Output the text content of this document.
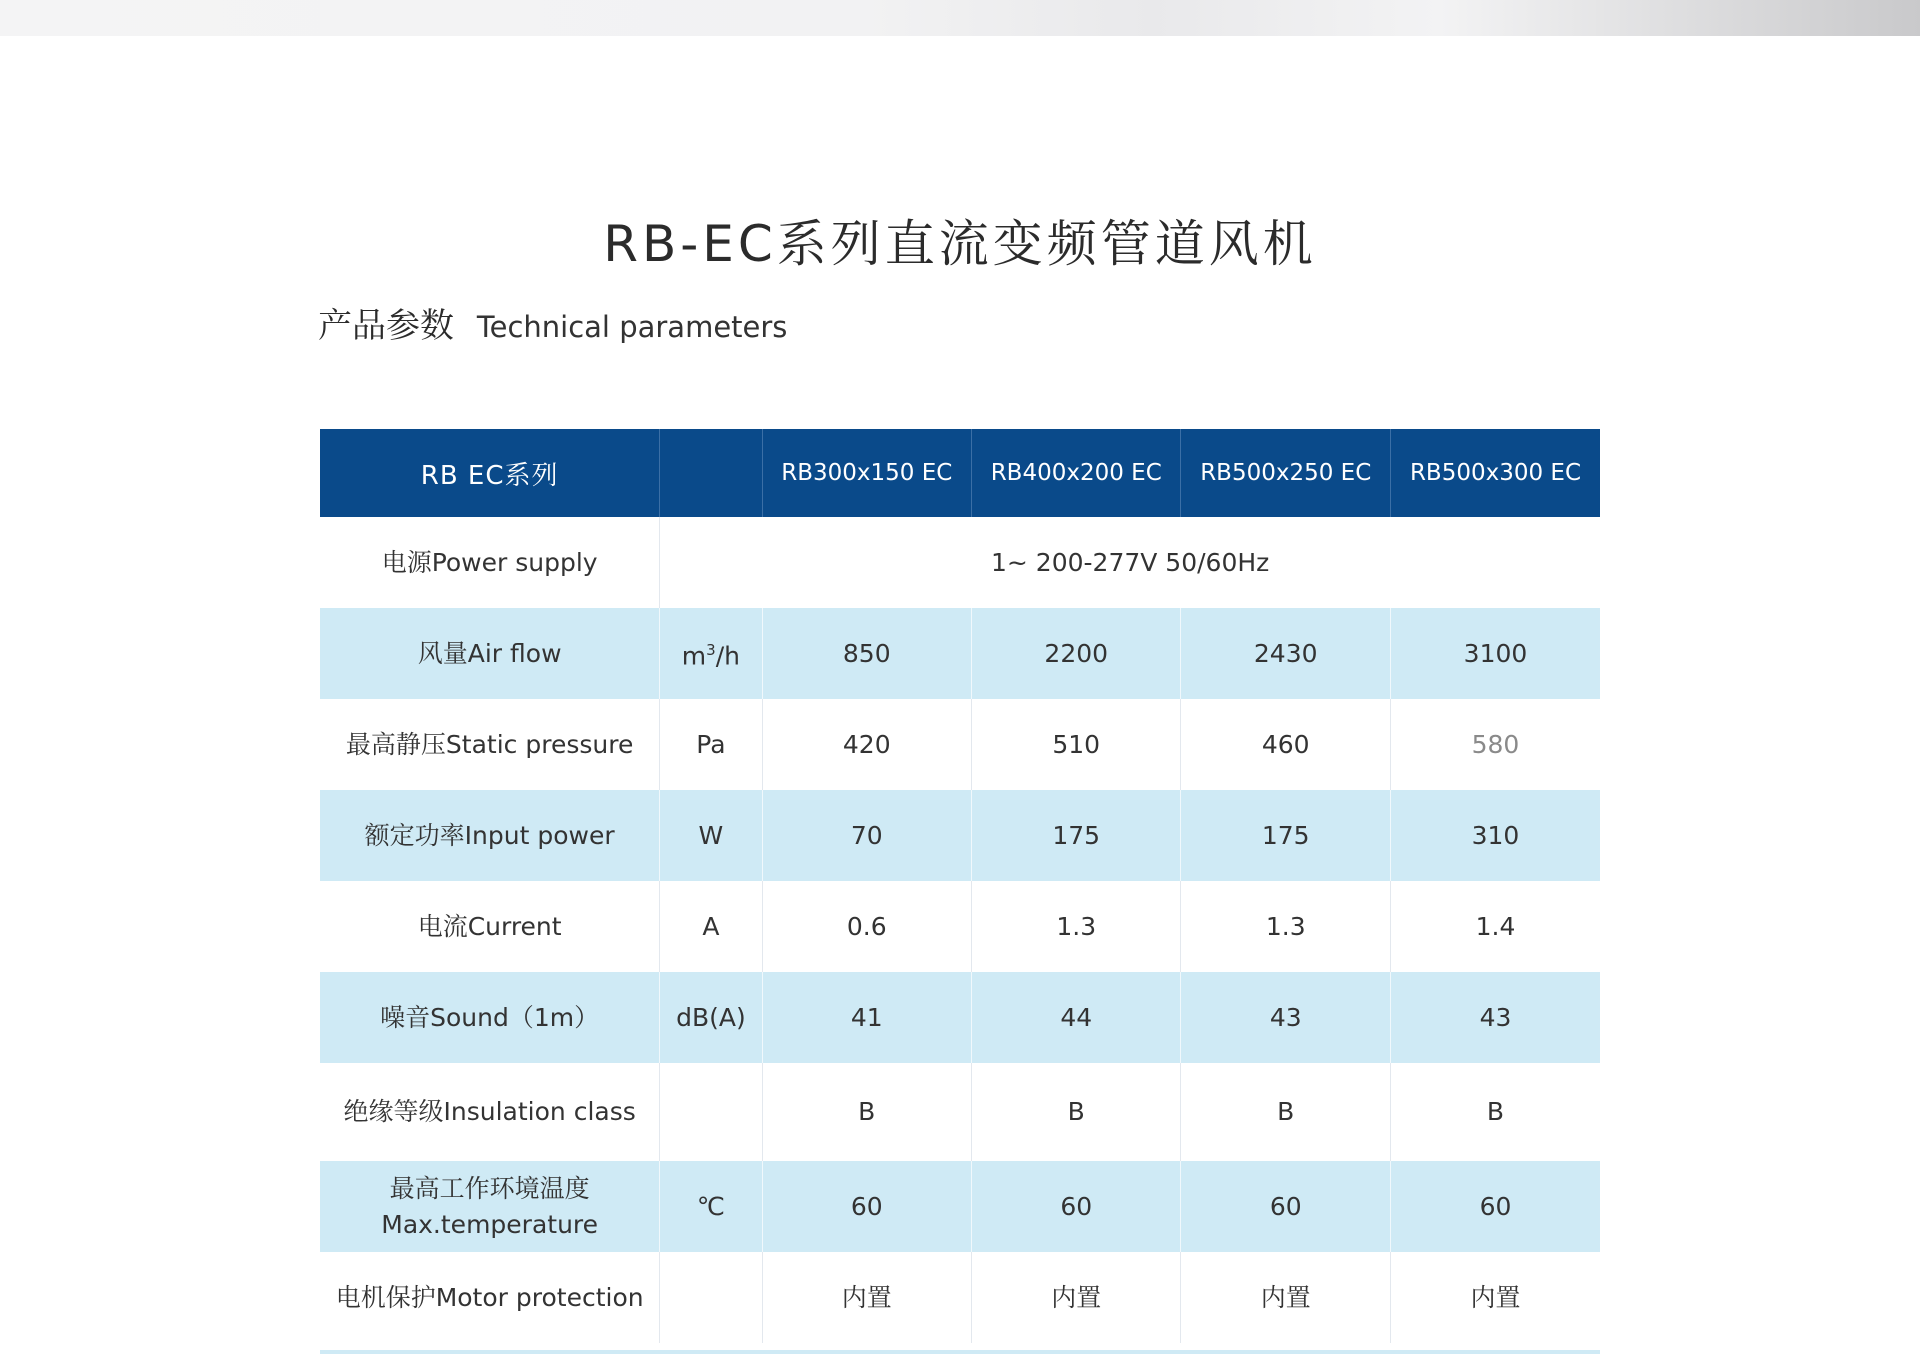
RB-EC系列直流变频管道风机
产品参数 Technical parameters
RB EC系列		RB300x150 EC	RB400x200 EC	RB500x250 EC	RB500x300 EC
电源Power supply	1~ 200-277V 50/60Hz				
风量Air flow	$m^3/h$	850	2200	2430	3100
最高静压Static pressure	Pa	420	510	460	580
额定功率Input power	W	70	175	175	310
电流Current	A	0.6	1.3	1.3	1.4
噪音Sound（1m）	dB(A)	41	44	43	43
绝缘等级Insulation class		B	B	B	B
最高工作环境温度
Max.temperature	℃	60	60	60	60
电机保护Motor protection		内置	内置	内置	内置
